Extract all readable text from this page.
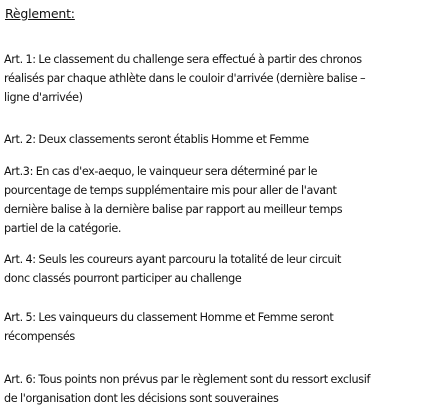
Règlement:
Art. 1: Le classement du challenge sera effectué à partir des chronos
réalisés par chaque athlète dans le couloir d'arrivée (dernière balise –
ligne d'arrivée)
Art. 2: Deux classements seront établis Homme et Femme
Art.3: En cas d'ex-aequo, le vainqueur sera déterminé par le
pourcentage de temps supplémentaire mis pour aller de l'avant
dernière balise à la dernière balise par rapport au meilleur temps
partiel de la catégorie.
Art. 4: Seuls les coureurs ayant parcouru la totalité de leur circuit
donc classés pourront participer au challenge
Art. 5: Les vainqueurs du classement Homme et Femme seront
récompensés
Art. 6: Tous points non prévus par le règlement sont du ressort exclusif
de l'organisation dont les décisions sont souveraines
